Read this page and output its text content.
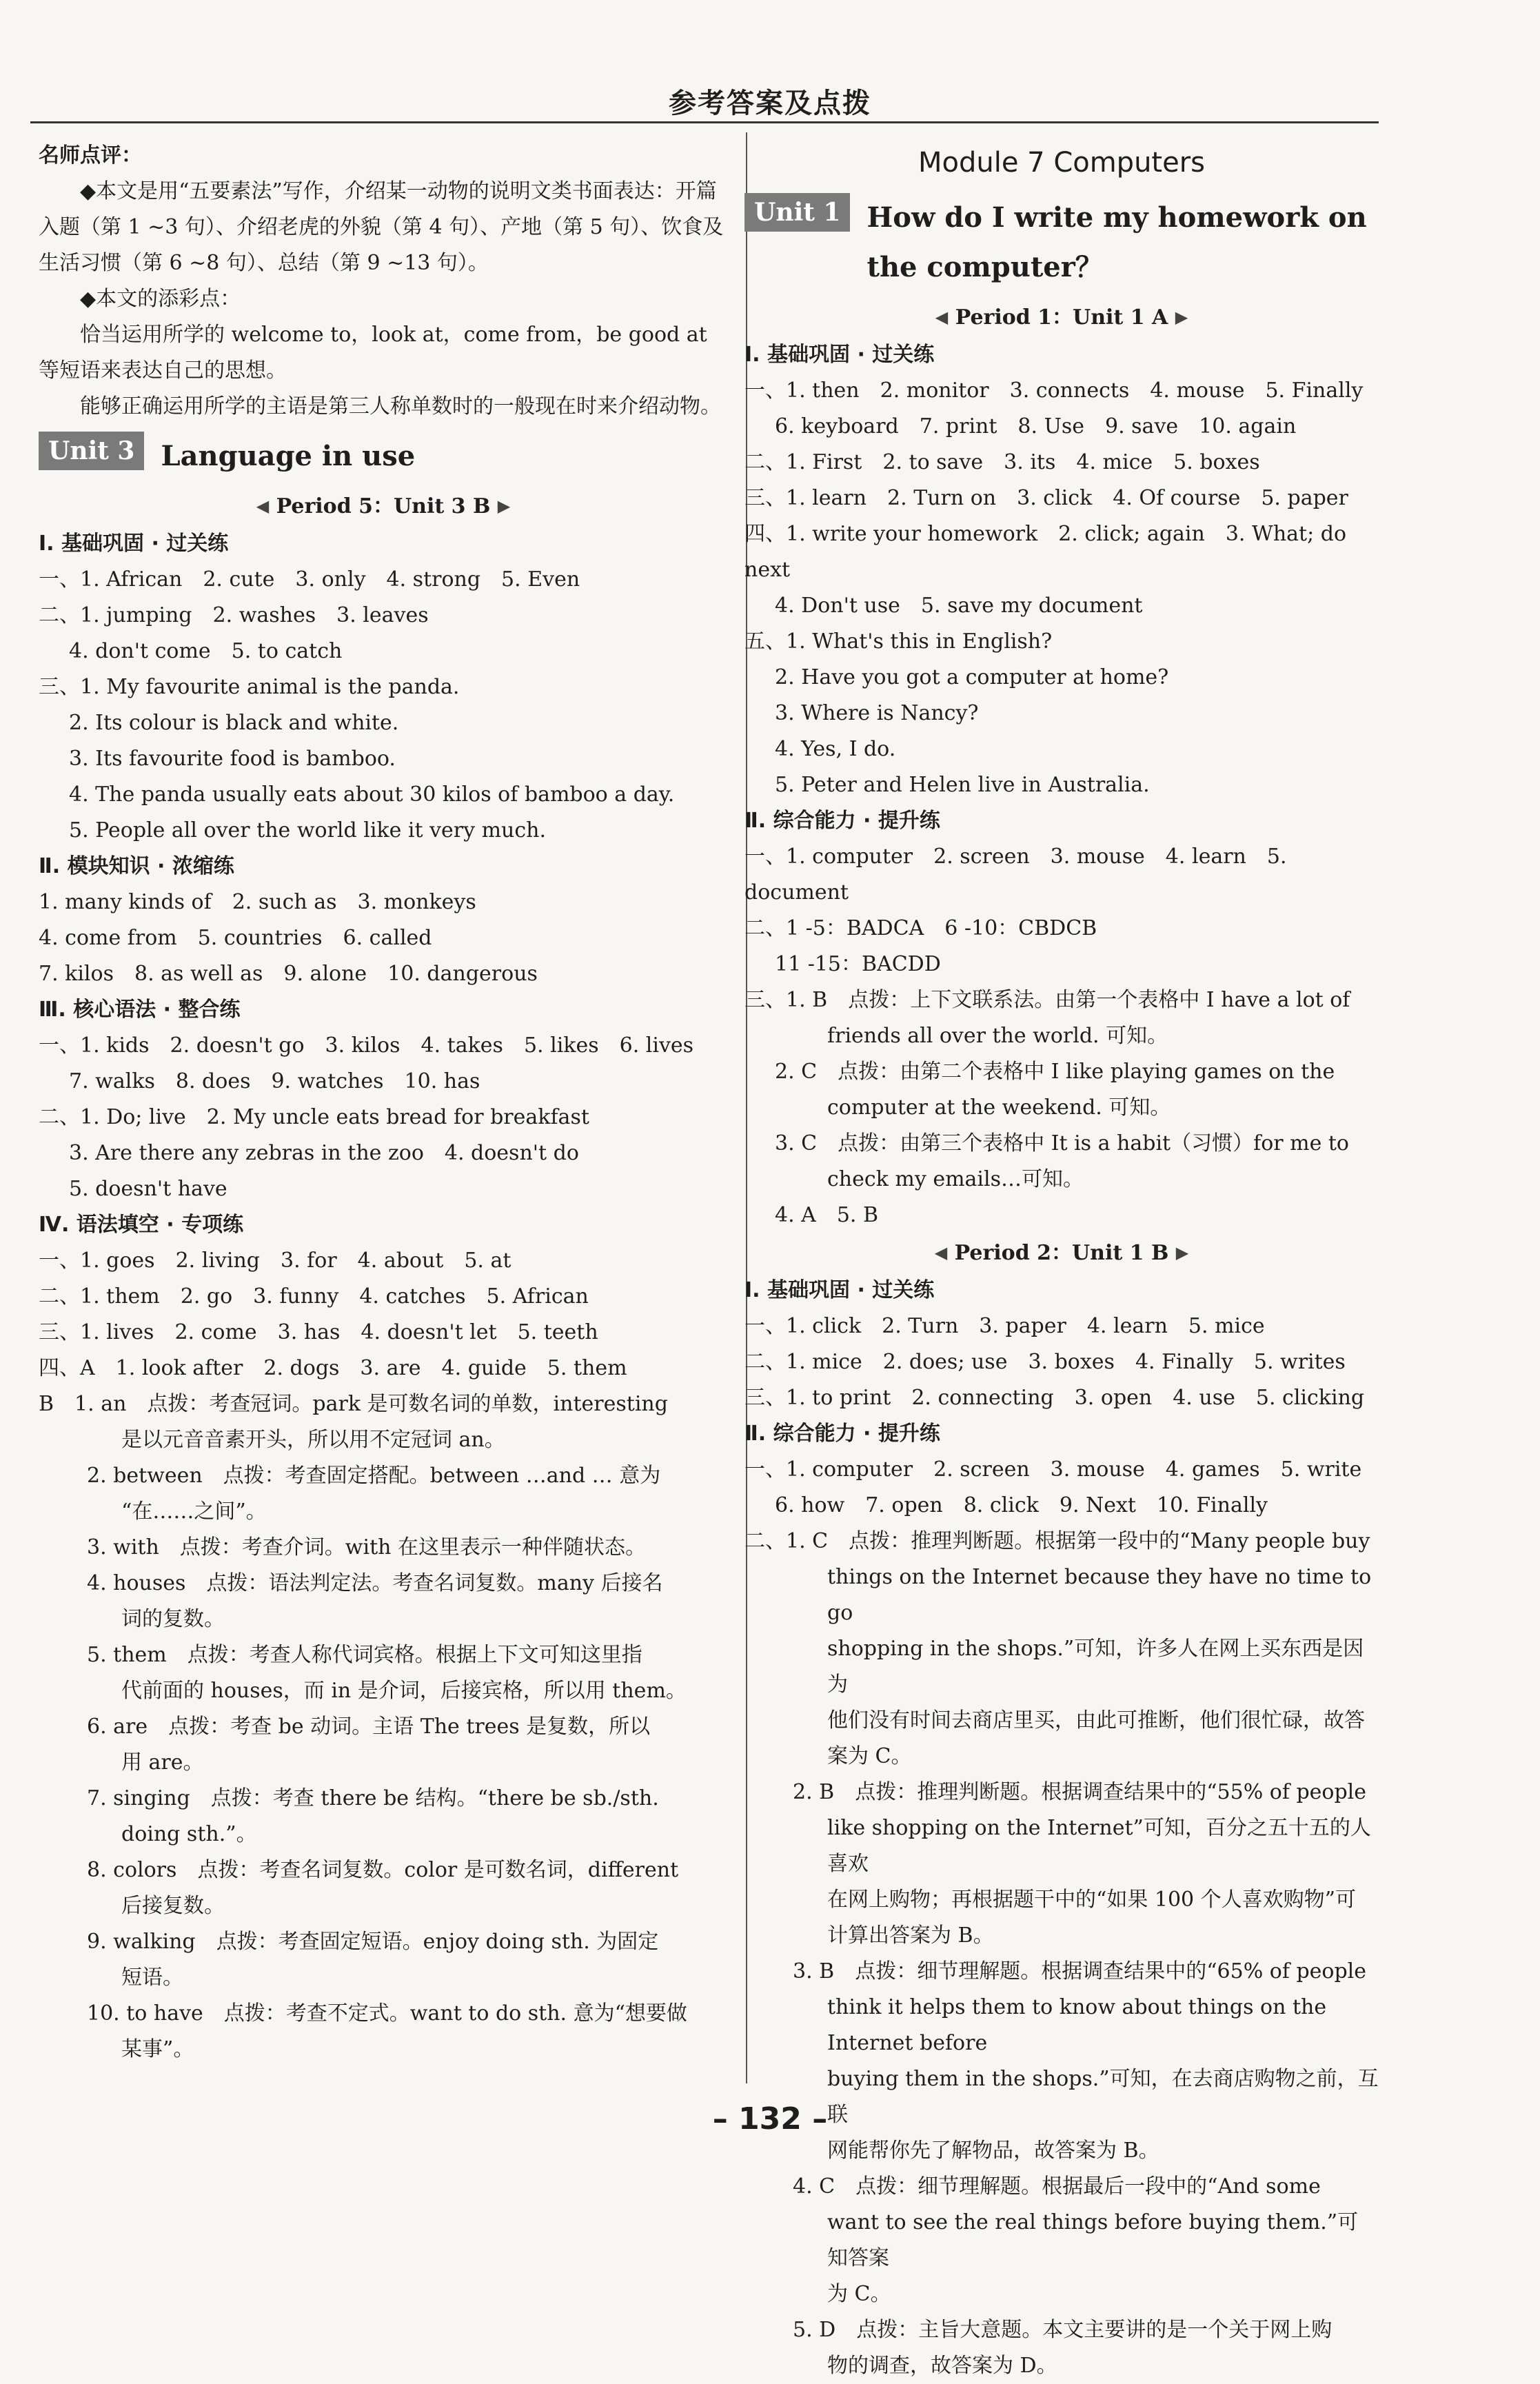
参考答案及点拨
名师点评：

◆本文是用“五要素法”写作，介绍某一动物的说明文类书面表达：开篇入题（第 1 ~3 句）、介绍老虎的外貌（第 4 句）、产地（第 5 句）、饮食及生活习惯（第 6 ~8 句）、总结（第 9 ~13 句）。

◆本文的添彩点：

恰当运用所学的 welcome to，look at，come from，be good at 等短语来表达自己的思想。

能够正确运用所学的主语是第三人称单数时的一般现在时来介绍动物。

Unit 3 Language in use
◀ Period 5：Unit 3 B ▶
Ⅰ. 基础巩固 · 过关练
一、1. African　2. cute　3. only　4. strong　5. Even
二、1. jumping　2. washes　3. leaves
4. don't come　5. to catch
三、1. My favourite animal is the panda.
2. Its colour is black and white.
3. Its favourite food is bamboo.
4. The panda usually eats about 30 kilos of bamboo a day.
5. People all over the world like it very much.
Ⅱ. 模块知识 · 浓缩练
1. many kinds of　2. such as　3. monkeys
4. come from　5. countries　6. called
7. kilos　8. as well as　9. alone　10. dangerous
Ⅲ. 核心语法 · 整合练
一、1. kids　2. doesn't go　3. kilos　4. takes　5. likes　6. lives
7. walks　8. does　9. watches　10. has
二、1. Do; live　2. My uncle eats bread for breakfast
3. Are there any zebras in the zoo　4. doesn't do
5. doesn't have
Ⅳ. 语法填空 · 专项练
一、1. goes　2. living　3. for　4. about　5. at
二、1. them　2. go　3. funny　4. catches　5. African
三、1. lives　2. come　3. has　4. doesn't let　5. teeth
四、A　1. look after　2. dogs　3. are　4. guide　5. them
B　1. an　点拨：考查冠词。park 是可数名词的单数，interesting
是以元音音素开头，所以用不定冠词 an。
2. between　点拨：考查固定搭配。between …and … 意为
“在……之间”。
3. with　点拨：考查介词。with 在这里表示一种伴随状态。
4. houses　点拨：语法判定法。考查名词复数。many 后接名
词的复数。
5. them　点拨：考查人称代词宾格。根据上下文可知这里指
代前面的 houses，而 in 是介词，后接宾格，所以用 them。
6. are　点拨：考查 be 动词。主语 The trees 是复数，所以
用 are。
7. singing　点拨：考查 there be 结构。“there be sb./sth.
doing sth.”。
8. colors　点拨：考查名词复数。color 是可数名词，different
后接复数。
9. walking　点拨：考查固定短语。enjoy doing sth. 为固定
短语。
10. to have　点拨：考查不定式。want to do sth. 意为“想要做
某事”。
Module 7 Computers
Unit 1 How do I write my homework on the computer？
◀ Period 1：Unit 1 A ▶
Ⅰ. 基础巩固 · 过关练
一、1. then　2. monitor　3. connects　4. mouse　5. Finally
6. keyboard　7. print　8. Use　9. save　10. again
二、1. First　2. to save　3. its　4. mice　5. boxes
三、1. learn　2. Turn on　3. click　4. Of course　5. paper
四、1. write your homework　2. click; again　3. What; do next
4. Don't use　5. save my document
五、1. What's this in English?
2. Have you got a computer at home?
3. Where is Nancy?
4. Yes, I do.
5. Peter and Helen live in Australia.
Ⅱ. 综合能力 · 提升练
一、1. computer　2. screen　3. mouse　4. learn　5. document
二、1 -5：BADCA　6 -10：CBDCB
11 -15：BACDD
三、1. B　点拨：上下文联系法。由第一个表格中 I have a lot of
friends all over the world. 可知。
2. C　点拨：由第二个表格中 I like playing games on the
computer at the weekend. 可知。
3. C　点拨：由第三个表格中 It is a habit（习惯）for me to
check my emails…可知。
4. A　5. B
◀ Period 2：Unit 1 B ▶
Ⅰ. 基础巩固 · 过关练
一、1. click　2. Turn　3. paper　4. learn　5. mice
二、1. mice　2. does; use　3. boxes　4. Finally　5. writes
三、1. to print　2. connecting　3. open　4. use　5. clicking
Ⅱ. 综合能力 · 提升练
一、1. computer　2. screen　3. mouse　4. games　5. write
6. how　7. open　8. click　9. Next　10. Finally
二、1. C　点拨：推理判断题。根据第一段中的“Many people buy
things on the Internet because they have no time to go
shopping in the shops.”可知，许多人在网上买东西是因为
他们没有时间去商店里买，由此可推断，他们很忙碌，故答
案为 C。
2. B　点拨：推理判断题。根据调查结果中的“55% of people
like shopping on the Internet”可知，百分之五十五的人喜欢
在网上购物；再根据题干中的“如果 100 个人喜欢购物”可
计算出答案为 B。
3. B　点拨：细节理解题。根据调查结果中的“65% of people
think it helps them to know about things on the Internet before
buying them in the shops.”可知，在去商店购物之前，互联
网能帮你先了解物品，故答案为 B。
4. C　点拨：细节理解题。根据最后一段中的“And some
want to see the real things before buying them.”可知答案
为 C。
5. D　点拨：主旨大意题。本文主要讲的是一个关于网上购
物的调查，故答案为 D。
– 132 –
